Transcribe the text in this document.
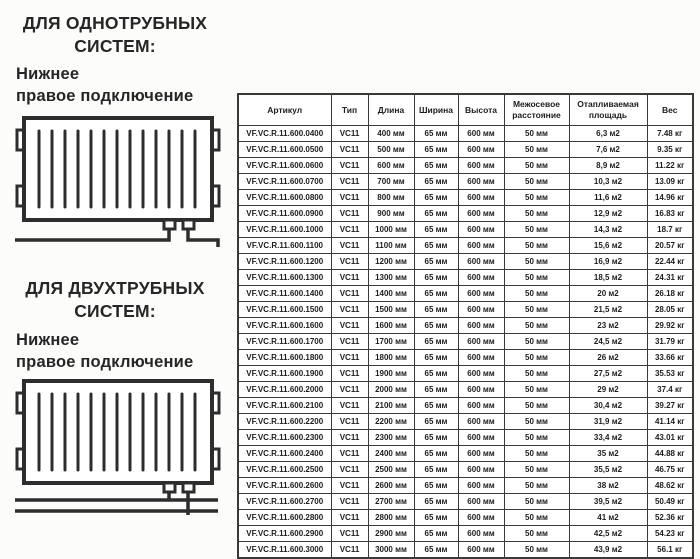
ДЛЯ ОДНОТРУБНЫХ
СИСТЕМ:
Нижнее
правое подключение
ДЛЯ ДВУХТРУБНЫХ
СИСТЕМ:
Нижнее
правое подключение
Артикул	Тип	Длина	Ширина	Высота	Межосевое расстояние	Отапливаемая площадь	Вес
VF.VC.R.11.600.0400	VC11	400 мм	65 мм	600 мм	50 мм	6,3 м2	7.48 кг
VF.VC.R.11.600.0500	VC11	500 мм	65 мм	600 мм	50 мм	7,6 м2	9.35 кг
VF.VC.R.11.600.0600	VC11	600 мм	65 мм	600 мм	50 мм	8,9 м2	11.22 кг
VF.VC.R.11.600.0700	VC11	700 мм	65 мм	600 мм	50 мм	10,3 м2	13.09 кг
VF.VC.R.11.600.0800	VC11	800 мм	65 мм	600 мм	50 мм	11,6 м2	14.96 кг
VF.VC.R.11.600.0900	VC11	900 мм	65 мм	600 мм	50 мм	12,9 м2	16.83 кг
VF.VC.R.11.600.1000	VC11	1000 мм	65 мм	600 мм	50 мм	14,3 м2	18.7 кг
VF.VC.R.11.600.1100	VC11	1100 мм	65 мм	600 мм	50 мм	15,6 м2	20.57 кг
VF.VC.R.11.600.1200	VC11	1200 мм	65 мм	600 мм	50 мм	16,9 м2	22.44 кг
VF.VC.R.11.600.1300	VC11	1300 мм	65 мм	600 мм	50 мм	18,5 м2	24.31 кг
VF.VC.R.11.600.1400	VC11	1400 мм	65 мм	600 мм	50 мм	20 м2	26.18 кг
VF.VC.R.11.600.1500	VC11	1500 мм	65 мм	600 мм	50 мм	21,5 м2	28.05 кг
VF.VC.R.11.600.1600	VC11	1600 мм	65 мм	600 мм	50 мм	23 м2	29.92 кг
VF.VC.R.11.600.1700	VC11	1700 мм	65 мм	600 мм	50 мм	24,5 м2	31.79 кг
VF.VC.R.11.600.1800	VC11	1800 мм	65 мм	600 мм	50 мм	26 м2	33.66 кг
VF.VC.R.11.600.1900	VC11	1900 мм	65 мм	600 мм	50 мм	27,5 м2	35.53 кг
VF.VC.R.11.600.2000	VC11	2000 мм	65 мм	600 мм	50 мм	29 м2	37.4 кг
VF.VC.R.11.600.2100	VC11	2100 мм	65 мм	600 мм	50 мм	30,4 м2	39.27 кг
VF.VC.R.11.600.2200	VC11	2200 мм	65 мм	600 мм	50 мм	31,9 м2	41.14 кг
VF.VC.R.11.600.2300	VC11	2300 мм	65 мм	600 мм	50 мм	33,4 м2	43.01 кг
VF.VC.R.11.600.2400	VC11	2400 мм	65 мм	600 мм	50 мм	35 м2	44.88 кг
VF.VC.R.11.600.2500	VC11	2500 мм	65 мм	600 мм	50 мм	35,5 м2	46.75 кг
VF.VC.R.11.600.2600	VC11	2600 мм	65 мм	600 мм	50 мм	38 м2	48.62 кг
VF.VC.R.11.600.2700	VC11	2700 мм	65 мм	600 мм	50 мм	39,5 м2	50.49 кг
VF.VC.R.11.600.2800	VC11	2800 мм	65 мм	600 мм	50 мм	41 м2	52.36 кг
VF.VC.R.11.600.2900	VC11	2900 мм	65 мм	600 мм	50 мм	42,5 м2	54.23 кг
VF.VC.R.11.600.3000	VC11	3000 мм	65 мм	600 мм	50 мм	43,9 м2	56.1 кг
